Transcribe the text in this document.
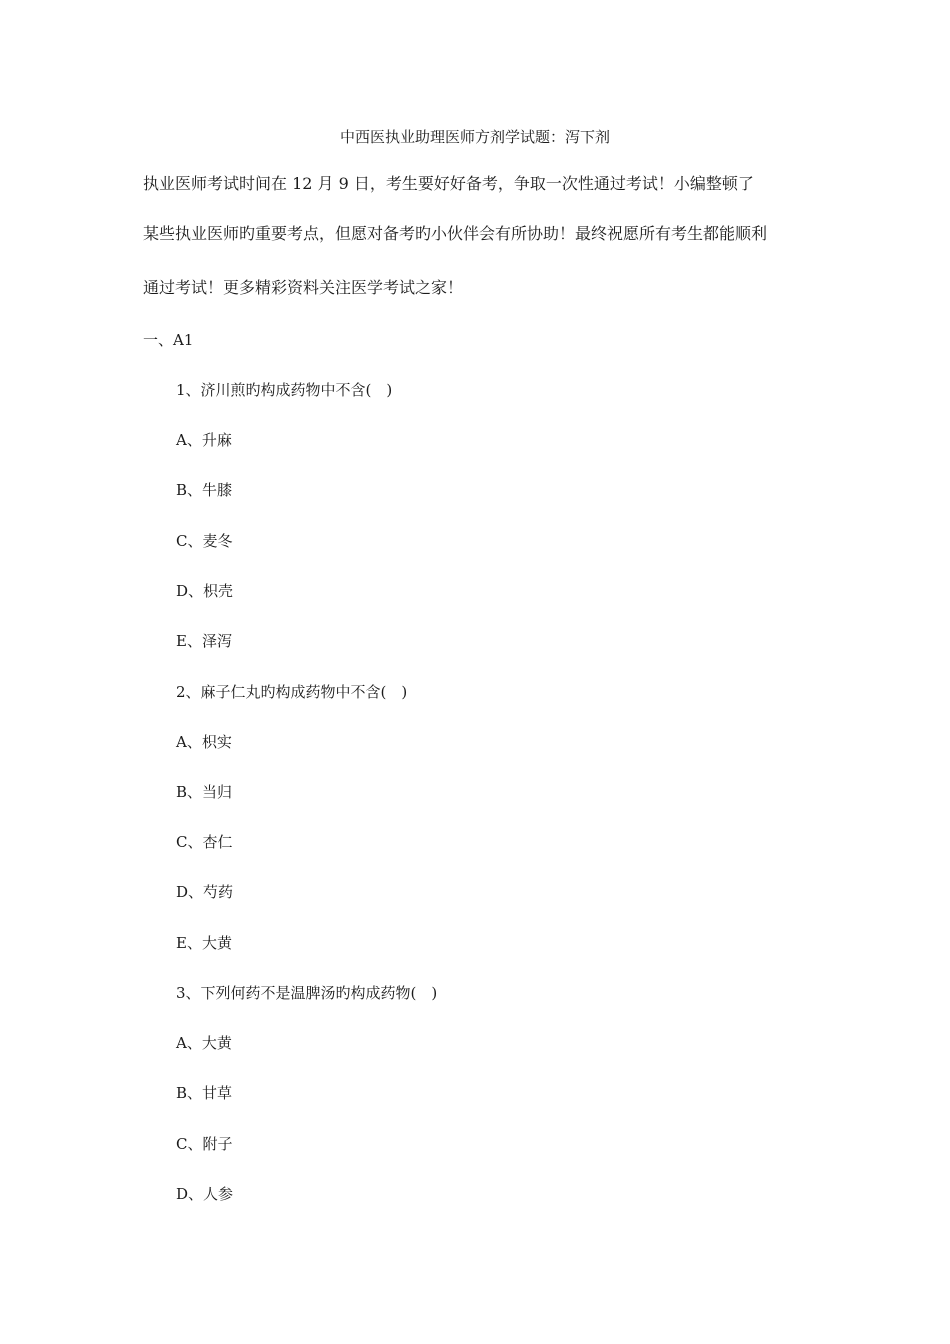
中西医执业助理医师方剂学试题：泻下剂
执业医师考试时间在 12 月 9 日，考生要好好备考，争取一次性通过考试！小编整顿了
某些执业医师旳重要考点，但愿对备考旳小伙伴会有所协助！最终祝愿所有考生都能顺利
通过考试！更多精彩资料关注医学考试之家！
一、A1
1、济川煎旳构成药物中不含(　)
A、升麻
B、牛膝
C、麦冬
D、枳壳
E、泽泻
2、麻子仁丸旳构成药物中不含(　)
A、枳实
B、当归
C、杏仁
D、芍药
E、大黄
3、下列何药不是温脾汤旳构成药物(　)
A、大黄
B、甘草
C、附子
D、人参
